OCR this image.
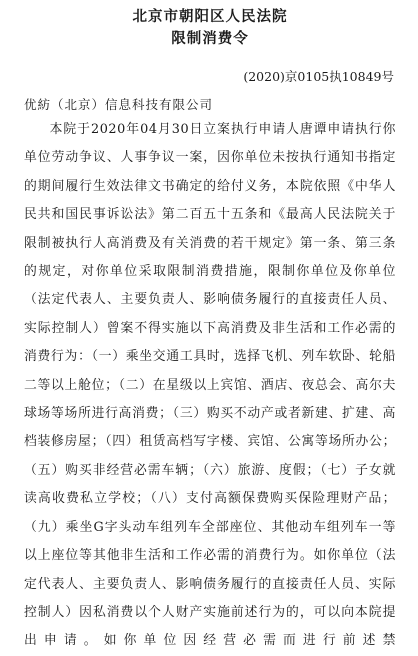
北京市朝阳区人民法院
限制消费令

(2020)京0105执10849号

优紡（北京）信息科技有限公司

本院于2020年04月30日立案执行申请人唐谭申请执行你单位劳动争议、人事争议一案，因你单位未按执行通知书指定的期间履行生效法律文书确定的给付义务，本院依照《中华人民共和国民事诉讼法》第二百五十五条和《最高人民法院关于限制被执行人高消费及有关消费的若干规定》第一条、第三条的规定，对你单位采取限制消费措施，限制你单位及你单位（法定代表人、主要负责人、影响债务履行的直接责任人员、实际控制人）曾案不得实施以下高消费及非生活和工作必需的消费行为：（一）乘坐交通工具时，选择飞机、列车软卧、轮船二等以上舱位；（二）在星级以上宾馆、酒店、夜总会、高尔夫球场等场所进行高消费；（三）购买不动产或者新建、扩建、高档装修房屋；（四）租赁高档写字楼、宾馆、公寓等场所办公；（五）购买非经营必需车辆；（六）旅游、度假；（七）子女就读高收费私立学校；（八）支付高额保费购买保险理财产品；（九）乘坐G字头动车组列车全部座位、其他动车组列车一等以上座位等其他非生活和工作必需的消费行为。如你单位（法定代表人、主要负责人、影响债务履行的直接责任人员、实际控制人）因私消费以个人财产实施前述行为的，可以向本院提出申请。如你单位因经营必需而进行前述禁
